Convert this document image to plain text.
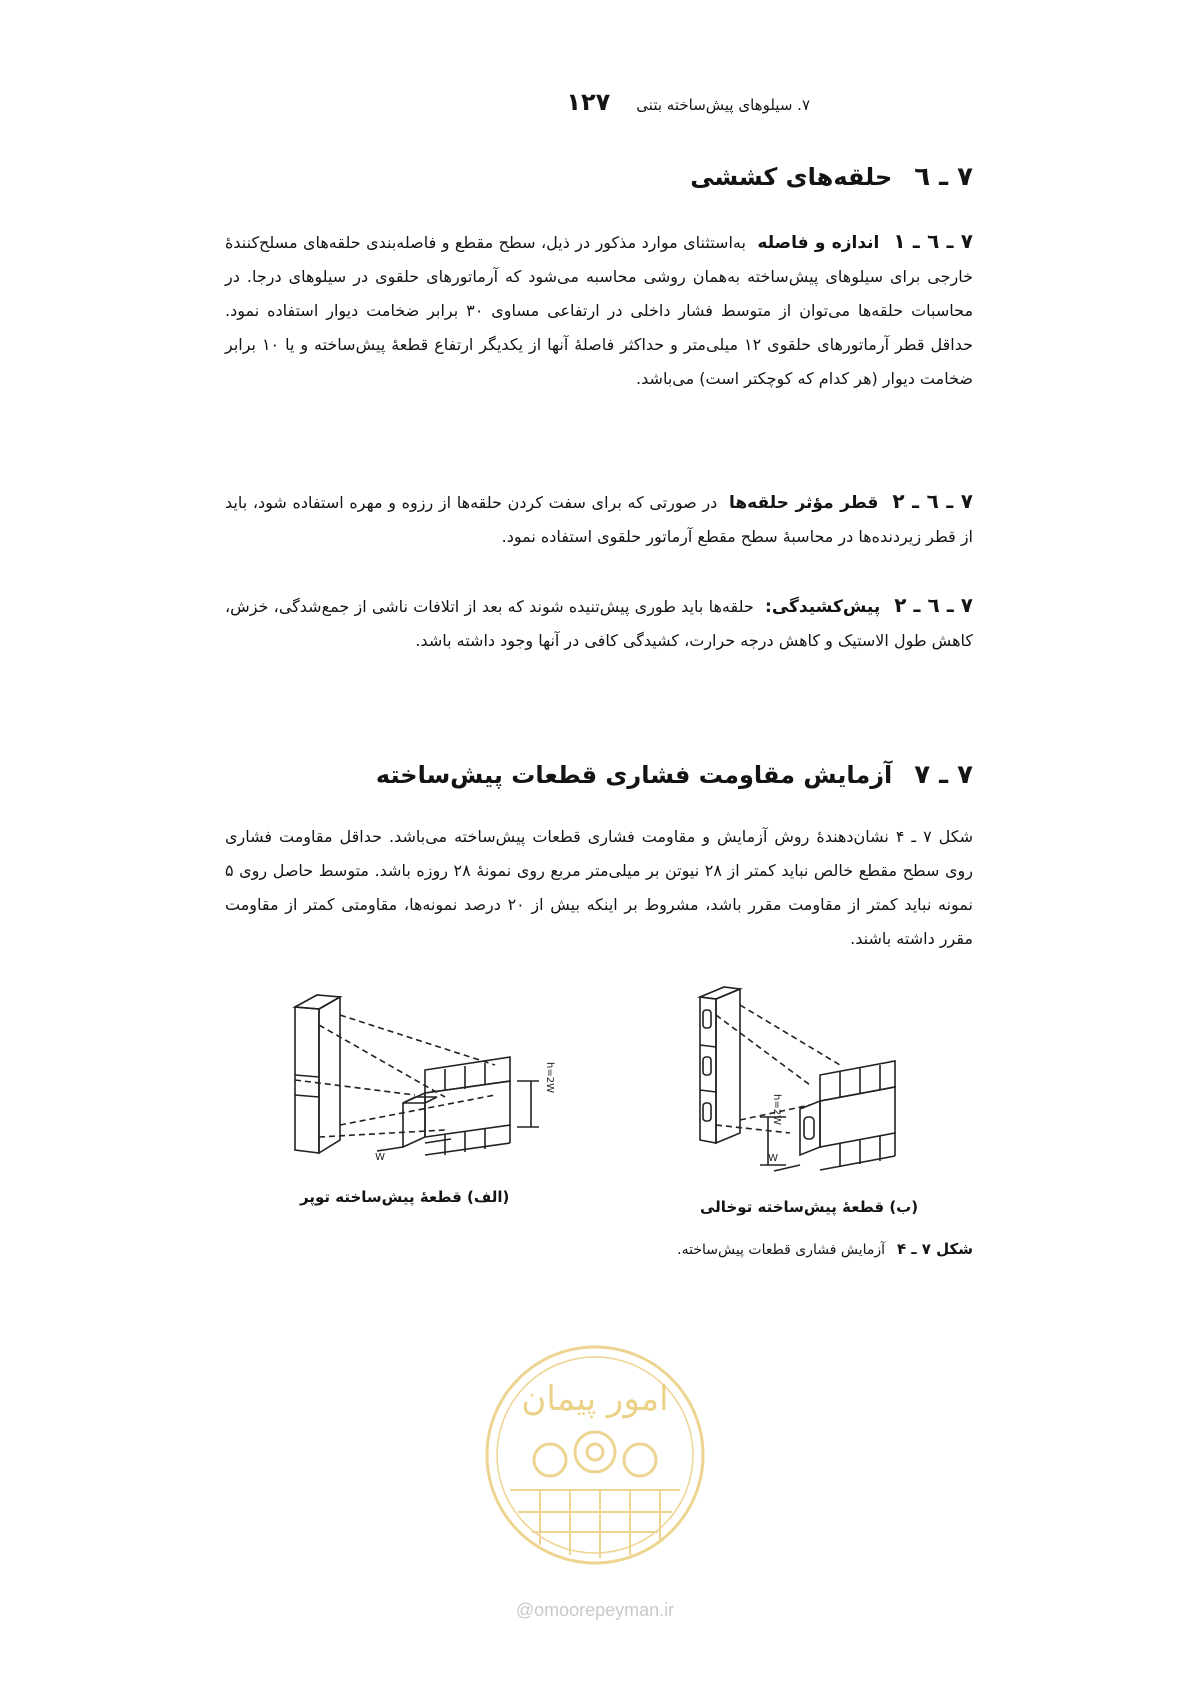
۷. سیلوهای پیش‌ساخته بتنی
۱۲۷
۷ ـ ٦حلقه‌های کششی

۷ ـ ٦ ـ ۱اندازه و فاصله به‌استثنای موارد مذکور در ذیل، سطح مقطع و فاصله‌بندی حلقه‌های مسلح‌کنندهٔ خارجی برای سیلوهای پیش‌ساخته به‌همان روشی محاسبه می‌شود که آرماتورهای حلقوی در سیلوهای درجا. در محاسبات حلقه‌ها می‌توان از متوسط فشار داخلی در ارتفاعی مساوی ۳۰ برابر ضخامت دیوار استفاده نمود. حداقل قطر آرماتورهای حلقوی ۱۲ میلی‌متر و حداکثر فاصلهٔ آنها از یکدیگر ارتفاع قطعهٔ پیش‌ساخته و یا ۱۰ برابر ضخامت دیوار (هر کدام که کوچکتر است) می‌باشد.

۷ ـ ٦ ـ ۲قطر مؤثر حلقه‌ها در صورتی که برای سفت کردن حلقه‌ها از رزوه و مهره استفاده شود، باید از قطر زیردنده‌ها در محاسبهٔ سطح مقطع آرماتور حلقوی استفاده نمود.

۷ ـ ٦ ـ ۲پیش‌کشیدگی: حلقه‌ها باید طوری پیش‌تنیده شوند که بعد از اتلافات ناشی از جمع‌شدگی، خزش، کاهش طول الاستیک و کاهش درجه حرارت، کشیدگی کافی در آنها وجود داشته باشد.

۷ ـ ۷آزمایش مقاومت فشاری قطعات پیش‌ساخته

شکل ۷ ـ ۴ نشان‌دهندهٔ روش آزمایش و مقاومت فشاری قطعات پیش‌ساخته می‌باشد. حداقل مقاومت فشاری روی سطح مقطع خالص نباید کمتر از ۲۸ نیوتن بر میلی‌متر مربع روی نمونهٔ ۲۸ روزه باشد. متوسط حاصل روی ۵ نمونه نباید کمتر از مقاومت مقرر باشد، مشروط بر اینکه بیش از ۲۰ درصد نمونه‌ها، مقاومتی کمتر از مقاومت مقرر داشته باشند.

h=2W
W
(الف) قطعهٔ پیش‌ساخته توپر
h=2W
W
(ب) قطعهٔ پیش‌ساخته توخالی
شکل ۷ ـ ۴آزمایش فشاری قطعات پیش‌ساخته.
امور پیمان
@omoorepeyman.ir
